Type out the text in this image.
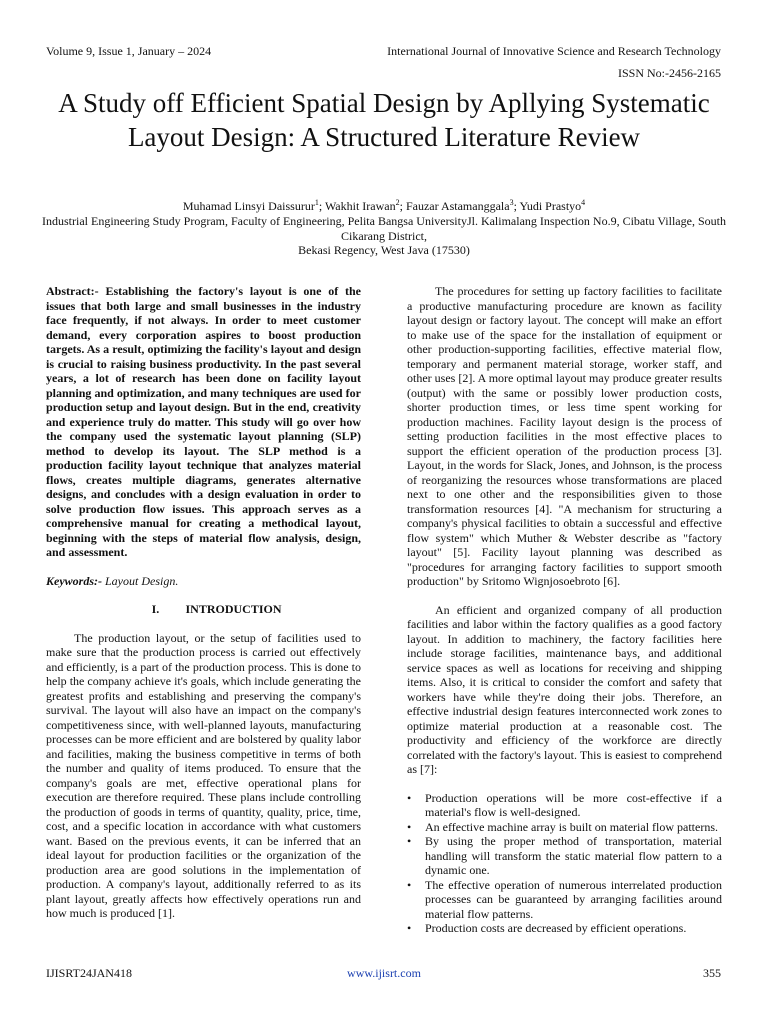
Volume 9, Issue 1, January – 2024	International Journal of Innovative Science and Research Technology
ISSN No:-2456-2165
A Study off Efficient Spatial Design by Apllying Systematic Layout Design: A Structured Literature Review
Muhamad Linsyi Daissurur$^1$; Wakhit Irawan$^2$; Fauzar Astamanggala$^3$; Yudi Prastyo$^4$
Industrial Engineering Study Program, Faculty of Engineering, Pelita Bangsa UniversityJl. Kalimalang Inspection No.9, Cibatu Village, South Cikarang District,
Bekasi Regency, West Java (17530)

Abstract:- Establishing the factory's layout is one of the issues that both large and small businesses in the industry face frequently, if not always. In order to meet customer demand, every corporation aspires to boost production targets. As a result, optimizing the facility's layout and design is crucial to raising business productivity. In the past several years, a lot of research has been done on facility layout planning and optimization, and many techniques are used for production setup and layout design. But in the end, creativity and experience truly do matter. This study will go over how the company used the systematic layout planning (SLP) method to develop its layout. The SLP method is a production facility layout technique that analyzes material flows, creates multiple diagrams, generates alternative designs, and concludes with a design evaluation in order to solve production flow issues. This approach serves as a comprehensive manual for creating a methodical layout, beginning with the steps of material flow analysis, design, and assessment.

Keywords:- Layout Design.

I. INTRODUCTION

The production layout, or the setup of facilities used to make sure that the production process is carried out effectively and efficiently, is a part of the production process. This is done to help the company achieve it's goals, which include generating the greatest profits and establishing and preserving the company's survival. The layout will also have an impact on the company's competitiveness since, with well-planned layouts, manufacturing processes can be more efficient and are bolstered by quality labor and facilities, making the business competitive in terms of both the number and quality of items produced. To ensure that the company's goals are met, effective operational plans for execution are therefore required. These plans include controlling the production of goods in terms of quantity, quality, price, time, cost, and a specific location in accordance with what customers want. Based on the previous events, it can be inferred that an ideal layout for production facilities or the organization of the production area are good solutions in the implementation of production. A company's layout, additionally referred to as its plant layout, greatly affects how effectively operations run and how much is produced [1].

The procedures for setting up factory facilities to facilitate a productive manufacturing procedure are known as facility layout design or factory layout. The concept will make an effort to make use of the space for the installation of equipment or other production-supporting facilities, effective material flow, temporary and permanent material storage, worker staff, and other uses [2]. A more optimal layout may produce greater results (output) with the same or possibly lower production costs, shorter production times, or less time spent working for production machines. Facility layout design is the process of setting production facilities in the most effective places to support the efficient operation of the production process [3]. Layout, in the words for Slack, Jones, and Johnson, is the process of reorganizing the resources whose transformations are placed next to one other and the responsibilities given to those transformation resources [4]. "A mechanism for structuring a company's physical facilities to obtain a successful and effective flow system" which Muther & Webster describe as "factory layout" [5]. Facility layout planning was described as "procedures for arranging factory facilities to support smooth production" by Sritomo Wignjosoebroto [6].

An efficient and organized company of all production facilities and labor within the factory qualifies as a good factory layout. In addition to machinery, the factory facilities here include storage facilities, maintenance bays, and additional service spaces as well as locations for receiving and shipping items. Also, it is critical to consider the comfort and safety that workers have while they're doing their jobs. Therefore, an effective industrial design features interconnected work zones to optimize material production at a reasonable cost. The productivity and efficiency of the workforce are directly correlated with the factory's layout. This is easiest to comprehend as [7]:

• Production operations will be more cost-effective if a material's flow is well-designed.
• An effective machine array is built on material flow patterns.
• By using the proper method of transportation, material handling will transform the static material flow pattern to a dynamic one.
• The effective operation of numerous interrelated production processes can be guaranteed by arranging facilities around material flow patterns.
• Production costs are decreased by efficient operations.
IJISRT24JAN418	www.ijisrt.com	355
